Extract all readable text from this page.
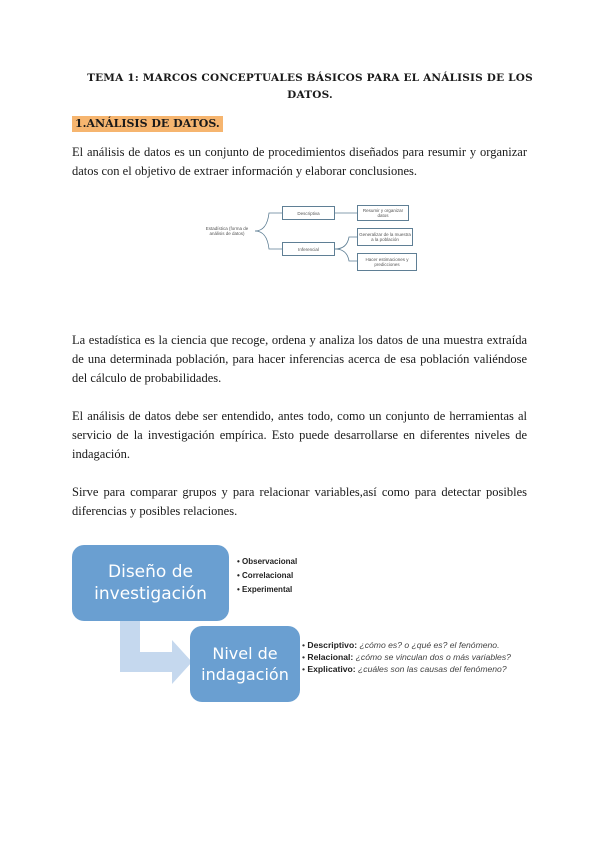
TEMA 1: MARCOS CONCEPTUALES BÁSICOS PARA EL ANÁLISIS DE LOS DATOS.
1.ANÁLISIS DE DATOS.

El análisis de datos es un conjunto de procedimientos diseñados para resumir y organizar datos con el objetivo de extraer información y elaborar conclusiones.

Estadística (forma de análisis de datos)
Descriptiva
Inferencial
Resumir y organizar datos
Generalizar de la muestra a la población
Hacer estimaciones y predicciones

La estadística es la ciencia que recoge, ordena y analiza los datos de una muestra extraída de una determinada población, para hacer inferencias acerca de esa población valiéndose del cálculo de probabilidades.

El análisis de datos debe ser entendido, antes todo, como un conjunto de herramientas al servicio de la investigación empírica. Esto puede desarrollarse en diferentes niveles de indagación.

Sirve para comparar grupos y para relacionar variables,así como para detectar posibles diferencias y posibles relaciones.

Diseño de investigación
• Observacional
• Correlacional
• Experimental
Nivel de indagación
• Descriptivo: ¿cómo es? o ¿qué es? el fenómeno.
• Relacional: ¿cómo se vinculan dos o más variables?
• Explicativo: ¿cuáles son las causas del fenómeno?
